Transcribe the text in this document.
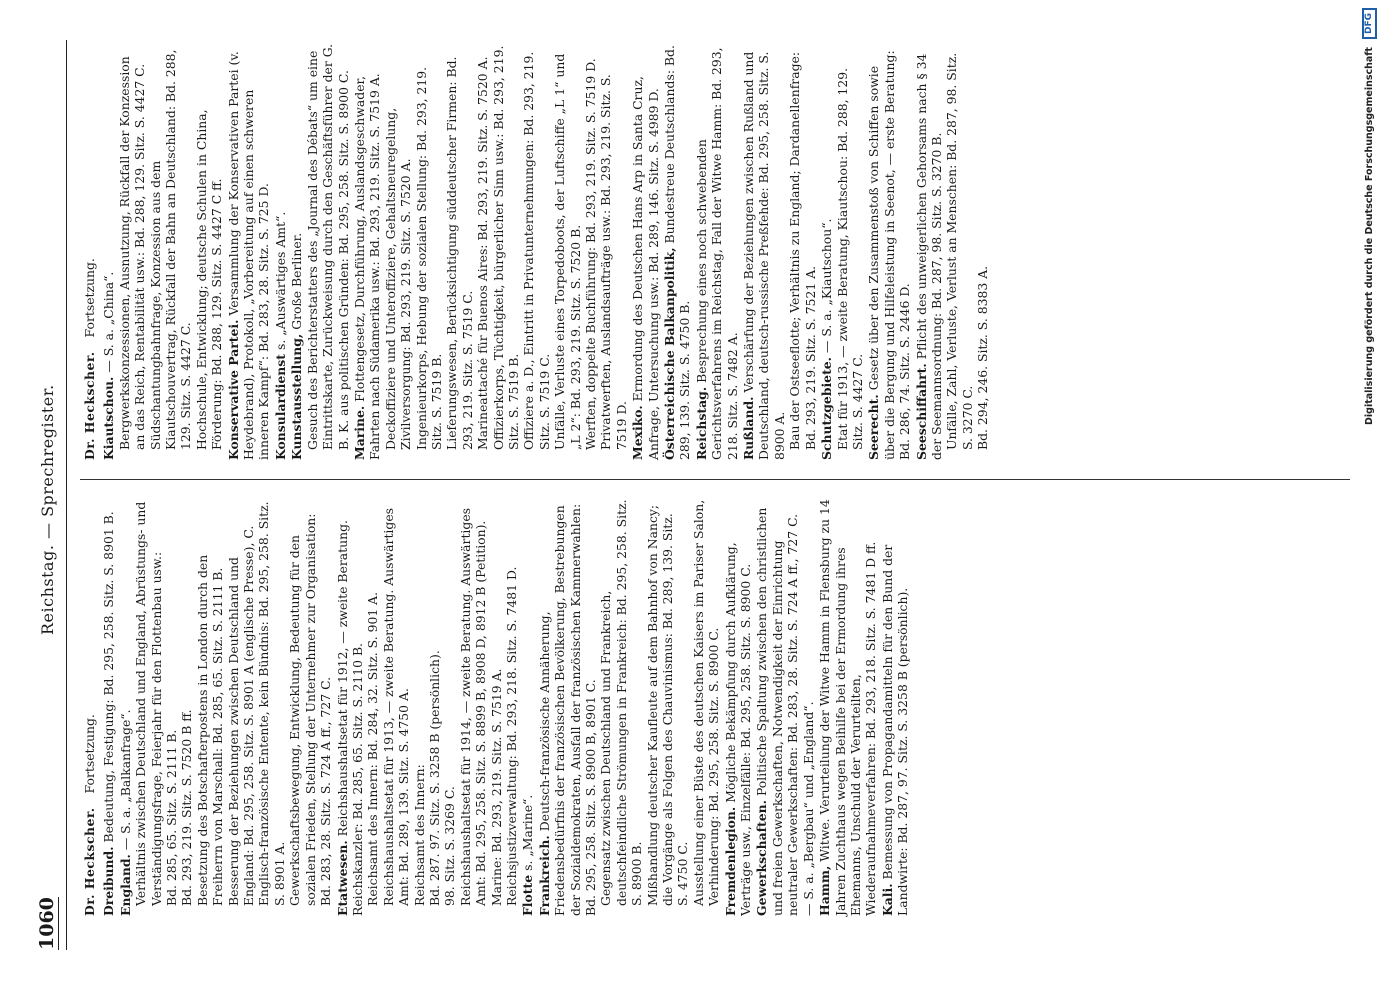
1060
Reichstag. — Sprechregister.
Dr. Heckscher. Fortsetzung.
Dreibund.Bedeutung, Festigung: Bd. 295, 258. Sitz. S. 8901 B.
England.— S. a. „Balkanfrage“. Verhältnis zwischen Deutschland und England, Abrüstungs- und Verständigungsfrage, Feierjahr für den Flottenbau usw.: Bd. 285, 65. Sitz. S. 2111 B. Bd. 293, 219. Sitz. S. 7520 B ff. Besetzung des Botschafterpostens in London durch den Freiherrn von Marschall: Bd. 285, 65. Sitz. S. 2111 B. Besserung der Beziehungen zwischen Deutschland und England: Bd. 295, 258. Sitz. S. 8901 A (englische Presse), C. Englisch-französische Entente, kein Bündnis: Bd. 295, 258. Sitz. S. 8901 A. Gewerkschaftsbewegung, Entwicklung, Bedeutung für den sozialen Frieden, Stellung der Unternehmer zur Organisation: Bd. 283, 28. Sitz. S. 724 A ff., 727 C. Etatwesen.Reichshaushaltsetat für 1912, — zweite Beratung. Reichskanzler: Bd. 285, 65. Sitz. S. 2110 B. Reichsamt des Innern: Bd. 284, 32. Sitz. S. 901 A. Reichshaushaltsetat für 1913, — zweite Beratung. Auswärtiges Amt: Bd. 289, 139. Sitz. S. 4750 A. Reichsamt des Innern: Bd. 287. 97. Sitz. S. 3258 B (persönlich). 98. Sitz. S. 3269 C. Reichshaushaltsetat für 1914, — zweite Beratung. Auswärtiges Amt: Bd. 295, 258. Sitz. S. 8899 B, 8908 D, 8912 B (Petition). Marine: Bd. 293, 219. Sitz. S. 7519 A. Reichsjustizverwaltung: Bd. 293, 218. Sitz. S. 7481 D. Flottes. „Marine“.
Frankreich.Deutsch-französische Annäherung, Friedensbedürfnis der französischen Bevölkerung, Bestrebungen der Sozialdemokraten, Ausfall der französischen Kammerwahlen: Bd. 295, 258. Sitz. S. 8900 B, 8901 C. Gegensatz zwischen Deutschland und Frankreich, deutschfeindliche Strömungen in Frankreich: Bd. 295, 258. Sitz. S. 8900 B. Mißhandlung deutscher Kaufleute auf dem Bahnhof von Nancy; die Vorgänge als Folgen des Chauvinismus: Bd. 289, 139. Sitz. S. 4750 C. Ausstellung einer Büste des deutschen Kaisers im Pariser Salon, Verhinderung: Bd. 295, 258. Sitz. S. 8900 C. Fremdenlegion.Mögliche Bekämpfung durch Aufklärung, Verträge usw., Einzelfälle: Bd. 295, 258. Sitz. S. 8900 C. Gewerkschaften.Politische Spaltung zwischen den christlichen und freien Gewerkschaften, Notwendigkeit der Einrichtung neutraler Gewerkschaften: Bd. 283, 28. Sitz. S. 724 A ff., 727 C. — S. a. „Bergbau“ und „England“. Hamm,Witwe. Verurteilung der Witwe Hamm in Flensburg zu 14 Jahren Zuchthaus wegen Beihilfe bei der Ermordung ihres Ehemanns, Unschuld der Verurteilten, Wiederaufnahmeverfahren: Bd. 293, 218. Sitz. S. 7481 D ff. Kali.Bemessung von Propagandamitteln für den Bund der Landwirte: Bd. 287, 97. Sitz. S. 3258 B (persönlich).
Dr. Heckscher. Fortsetzung.
Kiautschou.— S. a. „China“. Bergwerkskonzessionen, Ausnutzung, Rückfall der Konzession an das Reich, Rentabilität usw.: Bd. 288, 129. Sitz. S. 4427 C. Südschantungbahnfrage, Konzession aus dem Kiautschouvertrag, Rückfall der Bahn an Deutschland: Bd. 288, 129. Sitz. S. 4427 C. Hochschule, Entwicklung; deutsche Schulen in China, Förderung: Bd. 288, 129. Sitz. S. 4427 C ff. Konservative Partei.Versammlung der Konservativen Partei (v. Heydebrand), Protokoll, „Vorbereitung auf einen schweren inneren Kampf“: Bd. 283, 28. Sitz. S. 725 D. Konsulardiensts. „Auswärtiges Amt“.
Kunstausstellung,Große Berliner. Gesuch des Berichterstatters des „Journal des Débats“ um eine Eintrittskarte, Zurückweisung durch den Geschäftsführer der G. B. K. aus politischen Gründen: Bd. 295, 258. Sitz. S. 8900 C. Marine.Flottengesetz, Durchführung, Auslandsgeschwader, Fahrten nach Südamerika usw.: Bd. 293, 219. Sitz. S. 7519 A. Deckoffiziere und Unteroffiziere, Gehaltsneuregelung, Zivilversorgung: Bd. 293, 219. Sitz. S. 7520 A. Ingenieurkorps, Hebung der sozialen Stellung: Bd. 293, 219. Sitz. S. 7519 B. Lieferungswesen, Berücksichtigung süddeutscher Firmen: Bd. 293, 219. Sitz. S. 7519 C. Marineattaché für Buenos Aires: Bd. 293, 219. Sitz. S. 7520 A. Offizierkorps, Tüchtigkeit, bürgerlicher Sinn usw.: Bd. 293, 219. Sitz. S. 7519 B. Offiziere a. D., Eintritt in Privatunternehmungen: Bd. 293, 219. Sitz. S. 7519 C. Unfälle, Verluste eines Torpedoboots, der Luftschiffe „L 1“ und „L 2“: Bd. 293, 219. Sitz. S. 7520 B. Werften, doppelte Buchführung: Bd. 293, 219. Sitz. S. 7519 D. Privatwerften, Auslandsaufträge usw.: Bd. 293, 219. Sitz. S. 7519 D. Mexiko.Ermordung des Deutschen Hans Arp in Santa Cruz, Anfrage, Untersuchung usw.: Bd. 289, 146. Sitz. S. 4989 D. Österreichische Balkanpolitik,Bundestreue Deutschlands: Bd. 289, 139. Sitz. S. 4750 B. Reichstag.Besprechung eines noch schwebenden Gerichtsverfahrens im Reichstag, Fall der Witwe Hamm: Bd. 293, 218. Sitz. S. 7482 A. Rußland.Verschärfung der Beziehungen zwischen Rußland und Deutschland, deutsch-russische Preßfehde: Bd. 295, 258. Sitz. S. 8900 A. Bau der Ostseeflotte; Verhältnis zu England; Dardanellenfrage: Bd. 293, 219. Sitz. S. 7521 A. Schutzgebiete.— S. a. „Kiautschou“. Etat für 1913, — zweite Beratung, Kiautschou: Bd. 288, 129. Sitz. S. 4427 C. Seerecht.Gesetz über den Zusammenstoß von Schiffen sowie über die Bergung und Hilfeleistung in Seenot, — erste Beratung: Bd. 286, 74. Sitz. S. 2446 D. Seeschiffahrt.Pflicht des unweigerlichen Gehorsams nach § 34 der Seemannsordnung: Bd. 287, 98. Sitz. S. 3270 B. Unfälle, Zahl, Verluste, Verlust an Menschen: Bd. 287, 98. Sitz. S. 3270 C. Bd. 294, 246. Sitz. S. 8383 A.	Digitalisierung gefördert durch die Deutsche Forschungsgemeinschaft
DFG
